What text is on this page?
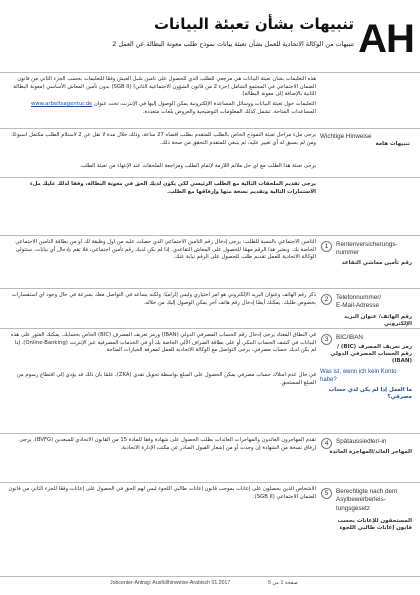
تنبيهات بشأن تعبئة البيانات
تنبيهات من الوكالة الاتحادية للعمل بشأن تعبئة بيانات نموذج طلب معونة البطالة عن العمل 2 AH
هذه التعليمات بشأن تعبئة البيانات هي مرجعي للطلب الذي للحصول على تأمين سُبل العيش وفقًا للتعليمات بحسب الجزء الثاني من قانون الضمان الاجتماعي في المجتمع الشامل (جزء 2 من قانون الشؤون الاجتماعية الثاني) (SGB II) بدون تأمين المعاش الأساسي (معونة البطالة الثانية بالإضافة إلى معونة البطالة).
التعليمات حول تعبئة البيانات ووسائل المساعدة الإلكترونية يمكن الوصول إليها في الإنترنت تحت عنوان www.arbeitsagentur.de المساعدات المتاحة. تشمل كذلك المعلومات التوضيحية والعروض بلغات متعددة.
Wichtige Hinweise
تنبيهات هامة
يرجى ملء مراحل تعبئة النموذج الخاص بالطلب للمتقدم بطلب أقصاه 27 ساعة، وذلك خلال مدة لا تقل عن 2 لاستلام الطلب مكتمل أسبوعًا. ومن لم يسبق له أي تغيير عليه، ثم ينبغي للمتقدم التحقق من صحة ذلك.
يرجى تعبئة هذا الطلب مع أي حل ملائم اللازمة لإتمام الطلب ومراجعة الملحقات عند الإنتهاء من تعبئة الطلب.
يرجى تقديم الملحقات التالية مع الطلب الرئيسي لكي يكون لديك الحق في معونة البطالة، وفقا لذلك عليك ملء الاستمارات التالية وتقديم نسخة منها وإرفاقها مع الطلب.
التأمين الاجتماعي بالنسبة للطلب: يرجى إدخال رقم التأمين الاجتماعي الذي حصلت عليه من أول وظيفة لك أو من بطاقة التأمين الاجتماعي الخاصة بك. ويعتبر هذا الرقم مهمًا للحصول على المعاش التقاعدي. إذا لم يكن لديك رقم تأمين اجتماعي، فلا تقم بإدخال أي بيانات. ستتولى الوكالة الاتحادية للعمل تقديم طلب للحصول على الرقم نيابة عنك.
1	Rentenversicherungs-nummer
رقم تأمين معاشي التقاعد
ذكر رقم الهاتف وعنوان البريد الإلكتروني هو أمر اختياري وليس إلزاميًا. ولكنه يساعد في التواصل معك بسرعة في حال وجود أي استفسارات بخصوص طلبك. يمكنك أيضًا إدخال رقم هاتف آخر يمكن الوصول إليك من خلاله.	2	Telefonnummer/
E-Mail-Adresse
رقم الهاتف/ عنوان البريد الإلكتروني
في النطاق المعتاد يرجى إدخال رقم الحساب المصرفي الدولي (IBAN) ورمز تعريف المصرف (BIC) الخاص بحسابك. يمكنك العثور على هذه البيانات في كشف الحساب البنكي أو على بطاقة الصراف الآلي الخاصة بك أو في الخدمات المصرفية عبر الإنترنت (Online-Banking). إذا لم يكن لديك حساب مصرفي، يرجى التواصل مع الوكالة الاتحادية للعمل لمعرفة الخيارات المتاحة.
3	BIC/IBAN
رمز تعريف المصرف (BIC) / رقم الحساب المصرفي الدولي (IBAN)
Was ist, wenn ich kein Konto habe?
ما العمل إذا لم يكن لدي حساب مصرفي؟
في حال عدم امتلاك حساب مصرفي يمكن الحصول على المبلغ بواسطة تحويل نقدي (ZKA)، علمًا بأن ذلك قد يؤدي إلى اقتطاع رسوم من المبلغ المستحق.
تقدم المهاجرون العائدون والمهاجرات العائدات بطلب الحصول على شهادة وفقا للمادة 15 من القانون الاتحادي للمبعدين (BVFG). يرجى إرفاق نسخة من الشهادة إن وجدت أو من إشعار القبول الصادر عن مكتب الإدارة الاتحادية.
4	Spätaussiedler/-in
المهاجر العائد/المهاجرة العائدة
الأشخاص الذين يحصلون على إعانات بموجب قانون إعانات طالبي اللجوء ليس لهم الحق في الحصول على إعانات وفقًا للجزء الثاني من قانون الضمان الاجتماعي (SGB II).	5	Berechtigte nach dem Asylbewerberleis-tungsgesetz
المستحقون للإعانات بحسب قانون إعانات طالبي اللجوء
Jobcenter-Antrag: Ausfüllhinweise-Arabisch 01.2017	صفحة 1 من 5
